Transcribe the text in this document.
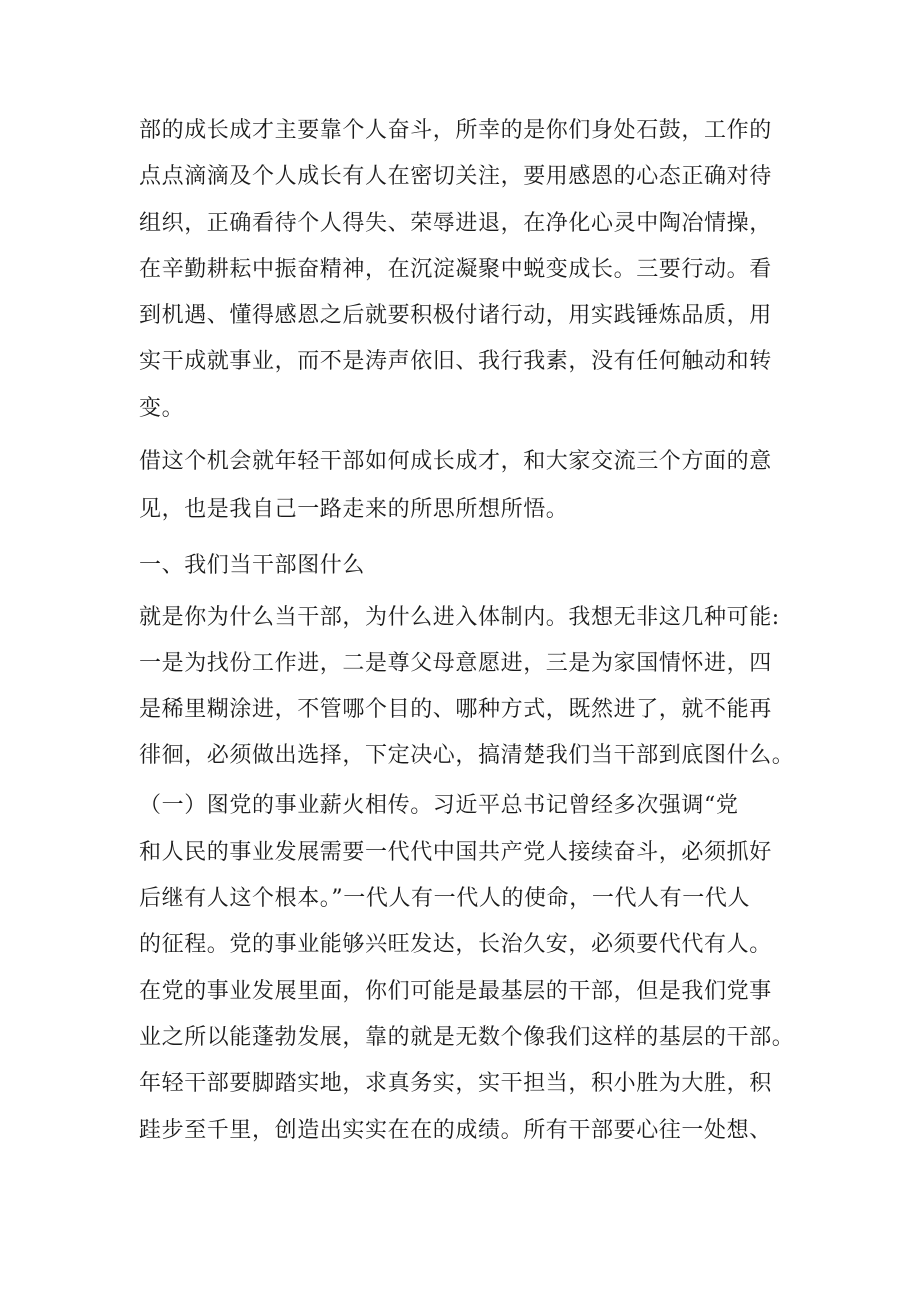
部的成长成才主要靠个人奋斗，所幸的是你们身处石鼓，工作的
点点滴滴及个人成长有人在密切关注，要用感恩的心态正确对待
组织，正确看待个人得失、荣辱进退，在净化心灵中陶冶情操，
在辛勤耕耘中振奋精神，在沉淀凝聚中蜕变成长。三要行动。看
到机遇、懂得感恩之后就要积极付诸行动，用实践锤炼品质，用
实干成就事业，而不是涛声依旧、我行我素，没有任何触动和转
变。
借这个机会就年轻干部如何成长成才，和大家交流三个方面的意
见，也是我自己一路走来的所思所想所悟。
一、我们当干部图什么
就是你为什么当干部，为什么进入体制内。我想无非这几种可能:
一是为找份工作进，二是尊父母意愿进，三是为家国情怀进，四
是稀里糊涂进，不管哪个目的、哪种方式，既然进了，就不能再
徘徊，必须做出选择，下定决心，搞清楚我们当干部到底图什么。
（一）图党的事业薪火相传。习近平总书记曾经多次强调“党
和人民的事业发展需要一代代中国共产党人接续奋斗，必须抓好
后继有人这个根本。”一代人有一代人的使命，一代人有一代人
的征程。党的事业能够兴旺发达，长治久安，必须要代代有人。
在党的事业发展里面，你们可能是最基层的干部，但是我们党事
业之所以能蓬勃发展，靠的就是无数个像我们这样的基层的干部。
年轻干部要脚踏实地，求真务实，实干担当，积小胜为大胜，积
跬步至千里，创造出实实在在的成绩。所有干部要心往一处想、
